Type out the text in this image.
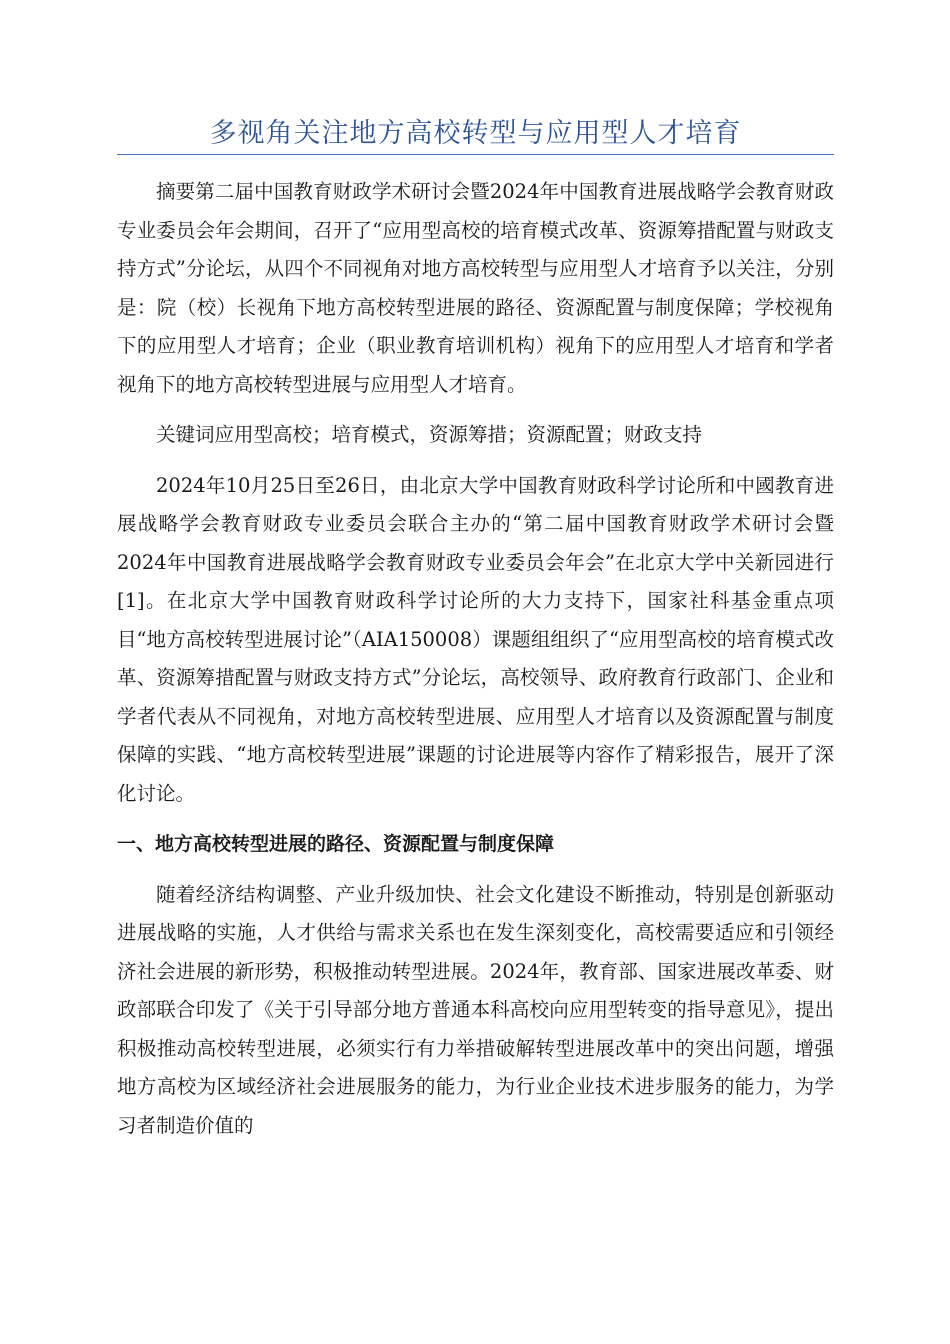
多视角关注地方高校转型与应用型人才培育

摘要第二届中国教育财政学术研讨会暨2024年中国教育进展战略学会教育财政专业委员会年会期间，召开了“应用型高校的培育模式改革、资源筹措配置与财政支持方式”分论坛，从四个不同视角对地方高校转型与应用型人才培育予以关注，分别是：院（校）长视角下地方高校转型进展的路径、资源配置与制度保障；学校视角下的应用型人才培育；企业（职业教育培训机构）视角下的应用型人才培育和学者视角下的地方高校转型进展与应用型人才培育。

关键词应用型高校；培育模式，资源筹措；资源配置；财政支持

2024年10月25日至26日，由北京大学中国教育财政科学讨论所和中國教育进展战略学会教育财政专业委员会联合主办的“第二届中国教育财政学术研讨会暨2024年中国教育进展战略学会教育财政专业委员会年会”在北京大学中关新园进行[1]。在北京大学中国教育财政科学讨论所的大力支持下，国家社科基金重点项目“地方高校转型进展讨论”（AIA150008）课题组组织了“应用型高校的培育模式改革、资源筹措配置与财政支持方式”分论坛，高校领导、政府教育行政部门、企业和学者代表从不同视角，对地方高校转型进展、应用型人才培育以及资源配置与制度保障的实践、“地方高校转型进展”课题的讨论进展等内容作了精彩报告，展开了深化讨论。

一、地方高校转型进展的路径、资源配置与制度保障

随着经济结构调整、产业升级加快、社会文化建设不断推动，特别是创新驱动进展战略的实施，人才供给与需求关系也在发生深刻变化，高校需要适应和引领经济社会进展的新形势，积极推动转型进展。2024年，教育部、国家进展改革委、财政部联合印发了《关于引导部分地方普通本科高校向应用型转变的指导意见》，提出积极推动高校转型进展，必须实行有力举措破解转型进展改革中的突出问题，增强地方高校为区域经济社会进展服务的能力，为行业企业技术进步服务的能力，为学习者制造价值的
